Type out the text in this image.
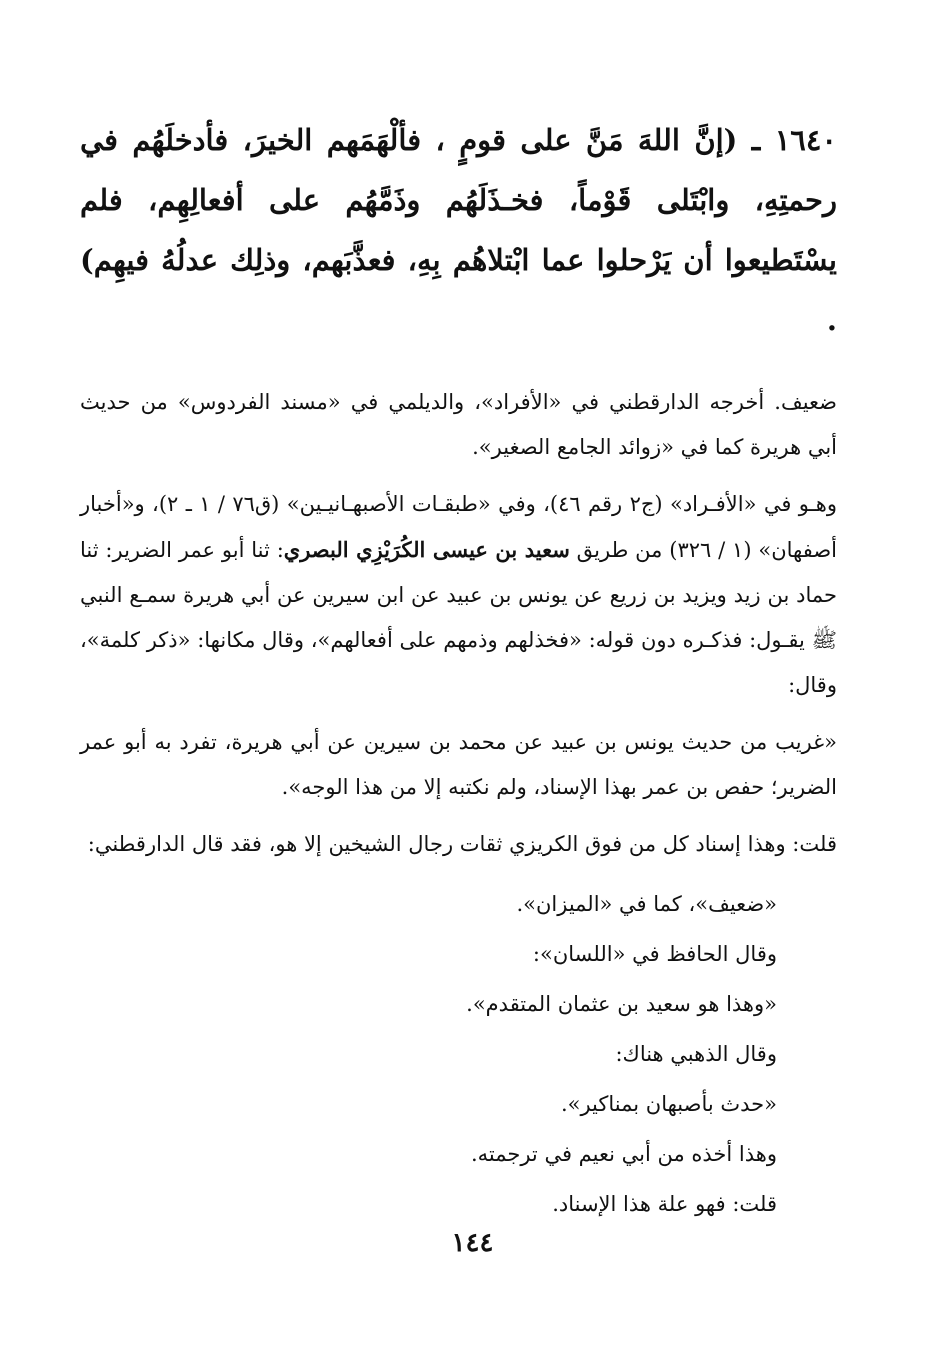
١٦٤٠ ـ (إنَّ اللهَ مَنَّ على قومٍ ، فألْهَمَهم الخيرَ، فأدخلَهُم في رحمتِهِ، وابْتَلى قَوْماً، فخـذَلَهُم وذَمَّهُم على أفعالِهِم، فلم يسْتَطيعوا أن يَرْحلوا عما ابْتلاهُم بِهِ، فعذَّبَهم، وذلِك عدلُهُ فيهِم) .

ضعيف. أخرجه الدارقطني في «الأفراد»، والديلمي في «مسند الفردوس» من حديث أبي هريرة كما في «زوائد الجامع الصغير».

وهـو في «الأفـراد» (ج٢ رقم ٤٦)، وفي «طبقـات الأصبهـانيـين» (ق٧٦ / ١ ـ ٢)، و«أخبار أصفهان» (١ / ٣٢٦) من طريق سعيد بن عيسى الكُرَيْزِي البصري: ثنا أبو عمر الضرير: ثنا حماد بن زيد ويزيد بن زريع عن يونس بن عبيد عن ابن سيرين عن أبي هريرة سمـع النبي ﷺ يقـول: فذكـره دون قوله: «فخذلهم وذمهم على أفعالهم»، وقال مكانها: «ذكر كلمة»، وقال:

«غريب من حديث يونس بن عبيد عن محمد بن سيرين عن أبي هريرة، تفرد به أبو عمر الضرير؛ حفص بن عمر بهذا الإسناد، ولم نكتبه إلا من هذا الوجه».

قلت: وهذا إسناد كل من فوق الكريزي ثقات رجال الشيخين إلا هو، فقد قال الدارقطني:

«ضعيف»، كما في «الميزان».

وقال الحافظ في «اللسان»:

«وهذا هو سعيد بن عثمان المتقدم».

وقال الذهبي هناك:

«حدث بأصبهان بمناكير».

وهذا أخذه من أبي نعيم في ترجمته.

قلت: فهو علة هذا الإسناد.

١٤٤
